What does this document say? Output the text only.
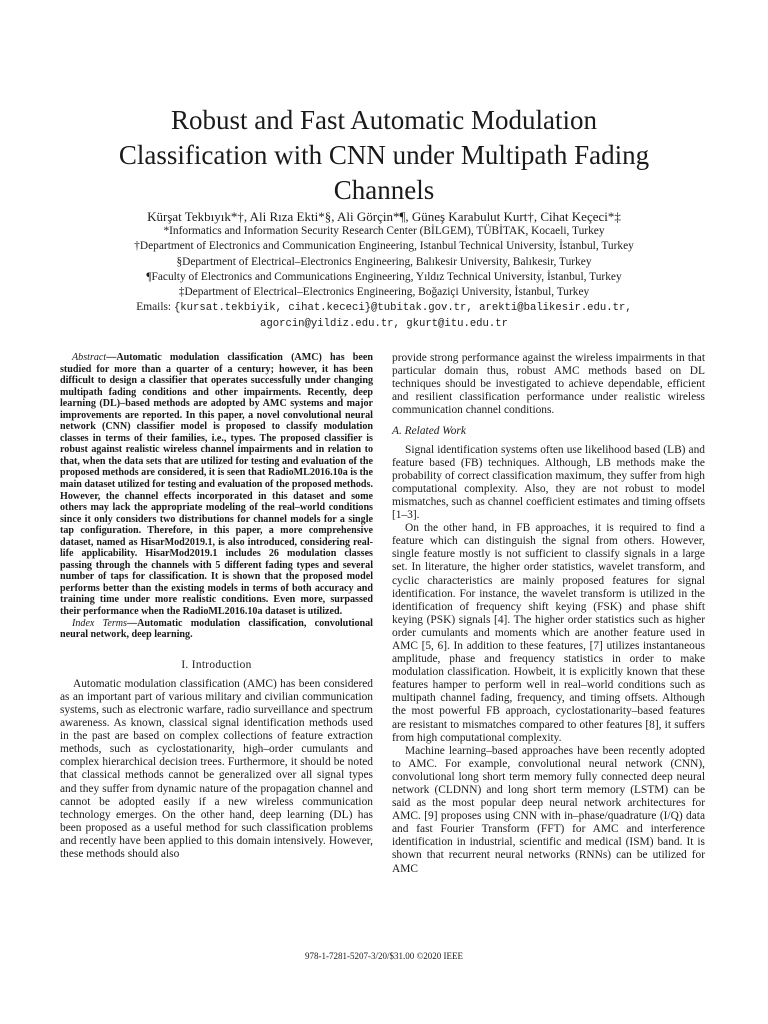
Robust and Fast Automatic Modulation
Classification with CNN under Multipath Fading
Channels
Kürşat Tekbıyık*†, Ali Rıza Ekti*§, Ali Görçin*¶, Güneş Karabulut Kurt†, Cihat Keçeci*‡
*Informatics and Information Security Research Center (BİLGEM), TÜBİTAK, Kocaeli, Turkey
†Department of Electronics and Communication Engineering, Istanbul Technical University, İstanbul, Turkey
§Department of Electrical–Electronics Engineering, Balıkesir University, Balıkesir, Turkey
¶Faculty of Electronics and Communications Engineering, Yıldız Technical University, İstanbul, Turkey
‡Department of Electrical–Electronics Engineering, Boğaziçi University, İstanbul, Turkey
Emails: {kursat.tekbiyik, cihat.kececi}@tubitak.gov.tr, arekti@balikesir.edu.tr,
agorcin@yildiz.edu.tr, gkurt@itu.edu.tr

Abstract—Automatic modulation classification (AMC) has been studied for more than a quarter of a century; however, it has been difficult to design a classifier that operates successfully under changing multipath fading conditions and other impairments. Recently, deep learning (DL)–based methods are adopted by AMC systems and major improvements are reported. In this paper, a novel convolutional neural network (CNN) classifier model is proposed to classify modulation classes in terms of their families, i.e., types. The proposed classifier is robust against realistic wireless channel impairments and in relation to that, when the data sets that are utilized for testing and evaluation of the proposed methods are considered, it is seen that RadioML2016.10a is the main dataset utilized for testing and evaluation of the proposed methods. However, the channel effects incorporated in this dataset and some others may lack the appropriate modeling of the real–world conditions since it only considers two distributions for channel models for a single tap configuration. Therefore, in this paper, a more comprehensive dataset, named as HisarMod2019.1, is also introduced, considering real-life applicability. HisarMod2019.1 includes 26 modulation classes passing through the channels with 5 different fading types and several number of taps for classification. It is shown that the proposed model performs better than the existing models in terms of both accuracy and training time under more realistic conditions. Even more, surpassed their performance when the RadioML2016.10a dataset is utilized.

Index Terms—Automatic modulation classification, convolutional neural network, deep learning.

I. Introduction

Automatic modulation classification (AMC) has been considered as an important part of various military and civilian communication systems, such as electronic warfare, radio surveillance and spectrum awareness. As known, classical signal identification methods used in the past are based on complex collections of feature extraction methods, such as cyclostationarity, high–order cumulants and complex hierarchical decision trees. Furthermore, it should be noted that classical methods cannot be generalized over all signal types and they suffer from dynamic nature of the propagation channel and cannot be adopted easily if a new wireless communication technology emerges. On the other hand, deep learning (DL) has been proposed as a useful method for such classification problems and recently have been applied to this domain intensively. However, these methods should also

provide strong performance against the wireless impairments in that particular domain thus, robust AMC methods based on DL techniques should be investigated to achieve dependable, efficient and resilient classification performance under realistic wireless communication channel conditions.

A. Related Work

Signal identification systems often use likelihood based (LB) and feature based (FB) techniques. Although, LB methods make the probability of correct classification maximum, they suffer from high computational complexity. Also, they are not robust to model mismatches, such as channel coefficient estimates and timing offsets [1–3].

On the other hand, in FB approaches, it is required to find a feature which can distinguish the signal from others. However, single feature mostly is not sufficient to classify signals in a large set. In literature, the higher order statistics, wavelet transform, and cyclic characteristics are mainly proposed features for signal identification. For instance, the wavelet transform is utilized in the identification of frequency shift keying (FSK) and phase shift keying (PSK) signals [4]. The higher order statistics such as higher order cumulants and moments which are another feature used in AMC [5, 6]. In addition to these features, [7] utilizes instantaneous amplitude, phase and frequency statistics in order to make modulation classification. Howbeit, it is explicitly known that these features hamper to perform well in real–world conditions such as multipath channel fading, frequency, and timing offsets. Although the most powerful FB approach, cyclostationarity–based features are resistant to mismatches compared to other features [8], it suffers from high computational complexity.

Machine learning–based approaches have been recently adopted to AMC. For example, convolutional neural network (CNN), convolutional long short term memory fully connected deep neural network (CLDNN) and long short term memory (LSTM) can be said as the most popular deep neural network architectures for AMC. [9] proposes using CNN with in–phase/quadrature (I/Q) data and fast Fourier Transform (FFT) for AMC and interference identification in industrial, scientific and medical (ISM) band. It is shown that recurrent neural networks (RNNs) can be utilized for AMC

978-1-7281-5207-3/20/$31.00 ©2020 IEEE
